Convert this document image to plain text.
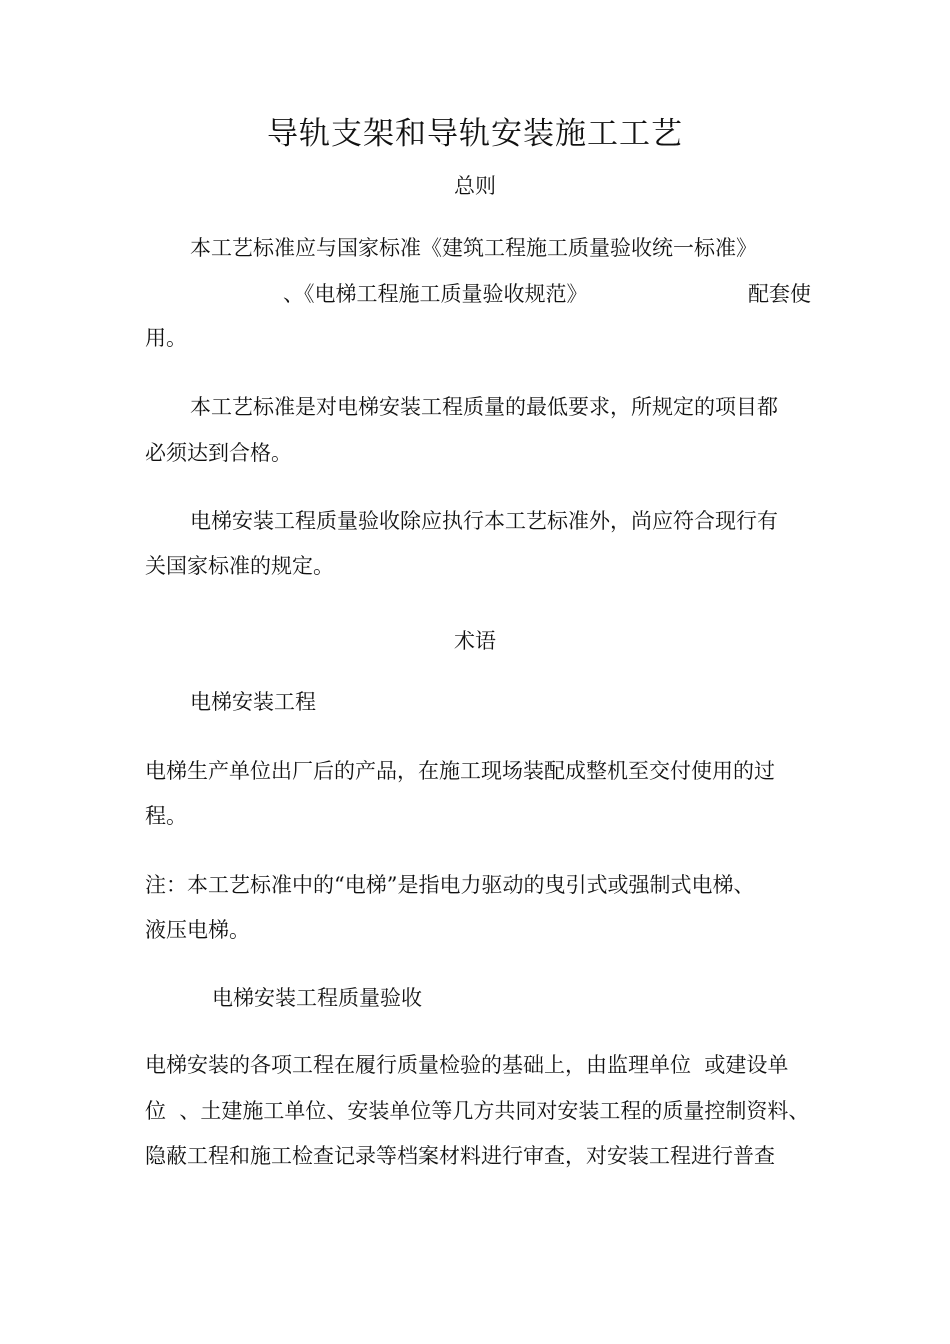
导轨支架和导轨安装施工工艺
总则
本工艺标准应与国家标准《建筑工程施工质量验收统一标准》
、《电梯工程施工质量验收规范》	配套使
用。
本工艺标准是对电梯安装工程质量的最低要求，所规定的项目都
必须达到合格。
电梯安装工程质量验收除应执行本工艺标准外，尚应符合现行有
关国家标准的规定。
术语
电梯安装工程
电梯生产单位出厂后的产品，在施工现场装配成整机至交付使用的过
程。
注：本工艺标准中的“电梯”是指电力驱动的曳引式或强制式电梯、
液压电梯。
电梯安装工程质量验收
电梯安装的各项工程在履行质量检验的基础上，由监理单位  或建设单
位  、土建施工单位、安装单位等几方共同对安装工程的质量控制资料、
隐蔽工程和施工检查记录等档案材料进行审查，对安装工程进行普查
